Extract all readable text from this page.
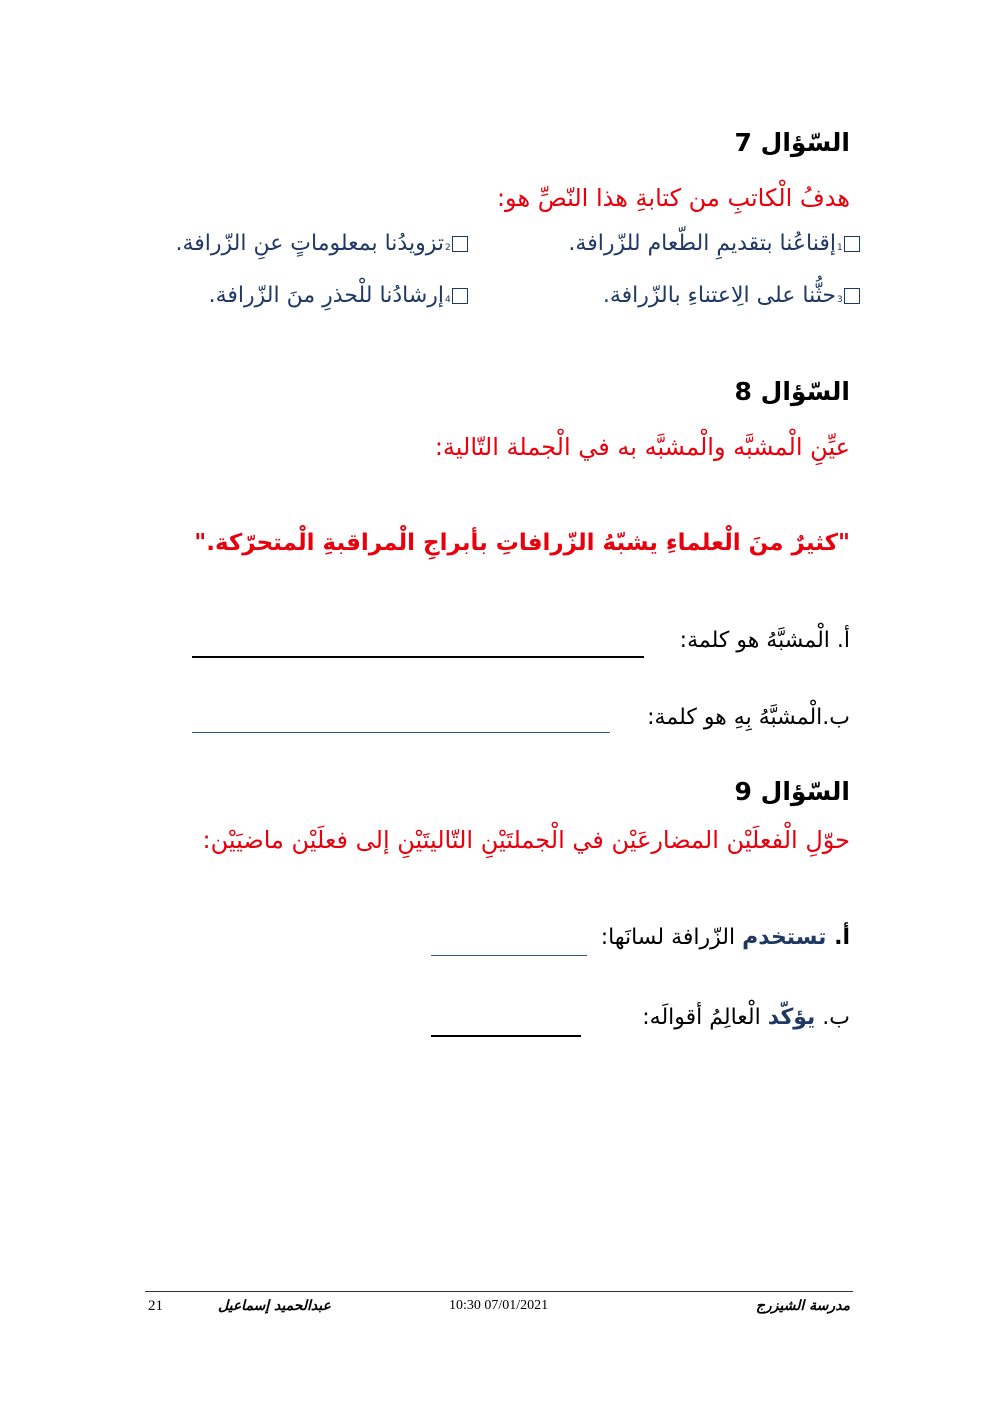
السّؤال 7
هدفُ الْكاتبِ من كتابةِ هذا النّصِّ هو:
1
إقناعُنا بتقديمِ الطّعام للزّرافة.
2
تزويدُنا بمعلوماتٍ عنِ الزّرافة.
3
حثُّنا على الِاعتناءِ بالزّرافة.
4
إرشادُنا للْحذرِ منَ الزّرافة.
السّؤال 8
عيِّنِ الْمشبَّه والْمشبَّه به في الْجملة التّالية:
"كثيرٌ منَ الْعلماءِ يشبّهُ الزّرافاتِ بأبراجِ الْمراقبةِ الْمتحرّكة."
أ. الْمشبَّهُ هو كلمة:
ب.الْمشبَّهُ بِهِ هو كلمة:
السّؤال 9
حوّلِ الْفعلَيْن المضارعَيْن في الْجملتَيْنِ التّاليتَيْنِ إلى فعلَيْن ماضيَيْن:
أ. تستخدم الزّرافة لسانَها:
ب. يؤكّد الْعالِمُ أقوالَه:
مدرسة الشيزرج
10:30 07/01/2021
عبدالحميد إسماعيل
21
